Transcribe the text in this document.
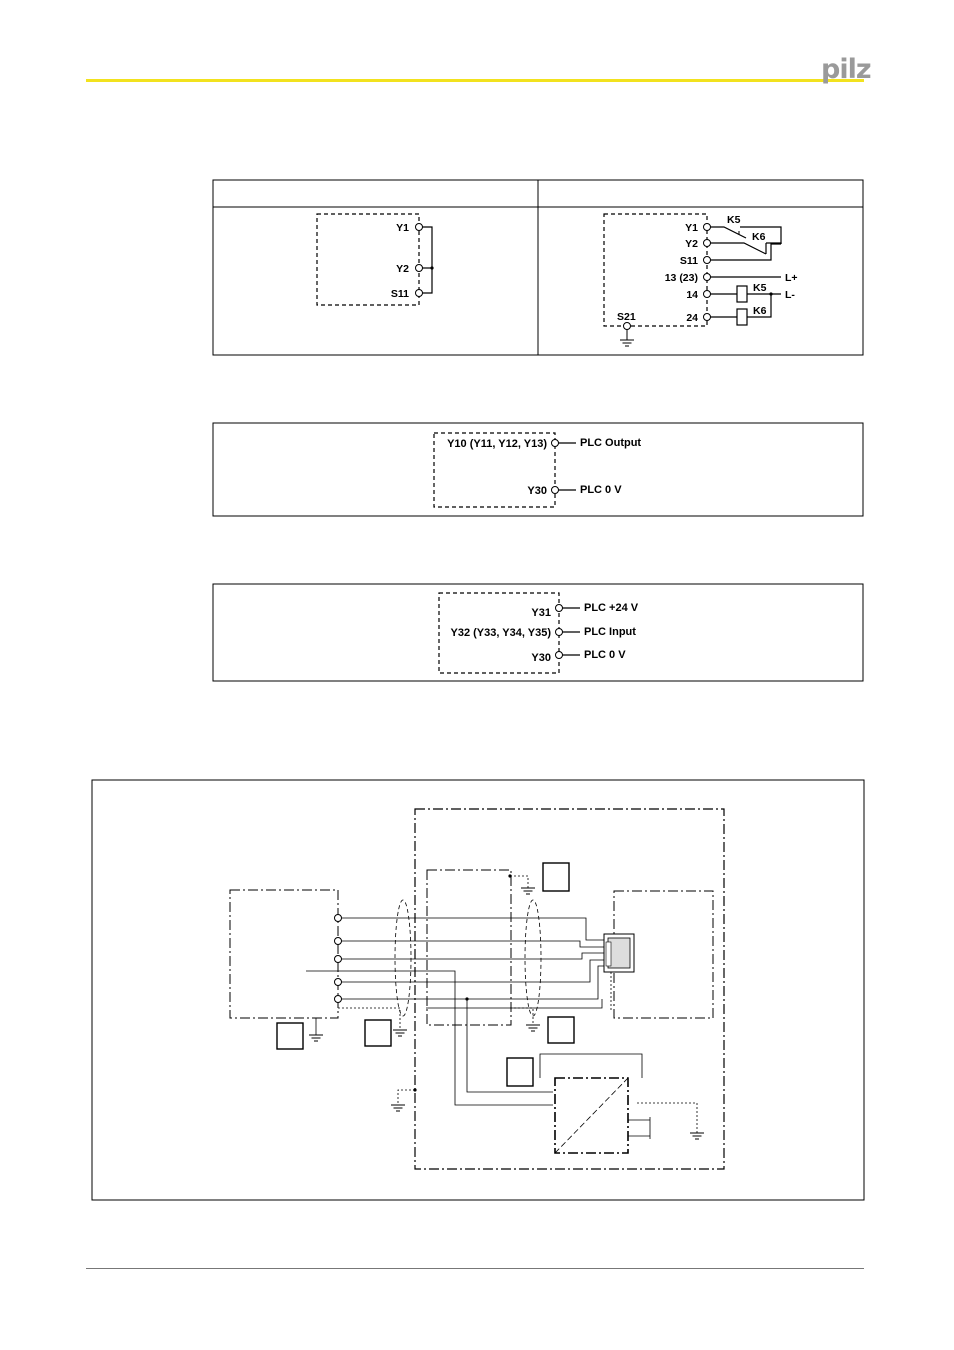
pilz
Y1
Y2
S11
Y1
Y2
S11
13 (23)
14
24
K5
K6
L+
K5
K6
L-
S21
Y10 (Y11, Y12, Y13)
Y30
PLC Output
PLC 0 V
Y31
Y32 (Y33, Y34, Y35)
Y30
PLC +24 V
PLC Input
PLC 0 V
